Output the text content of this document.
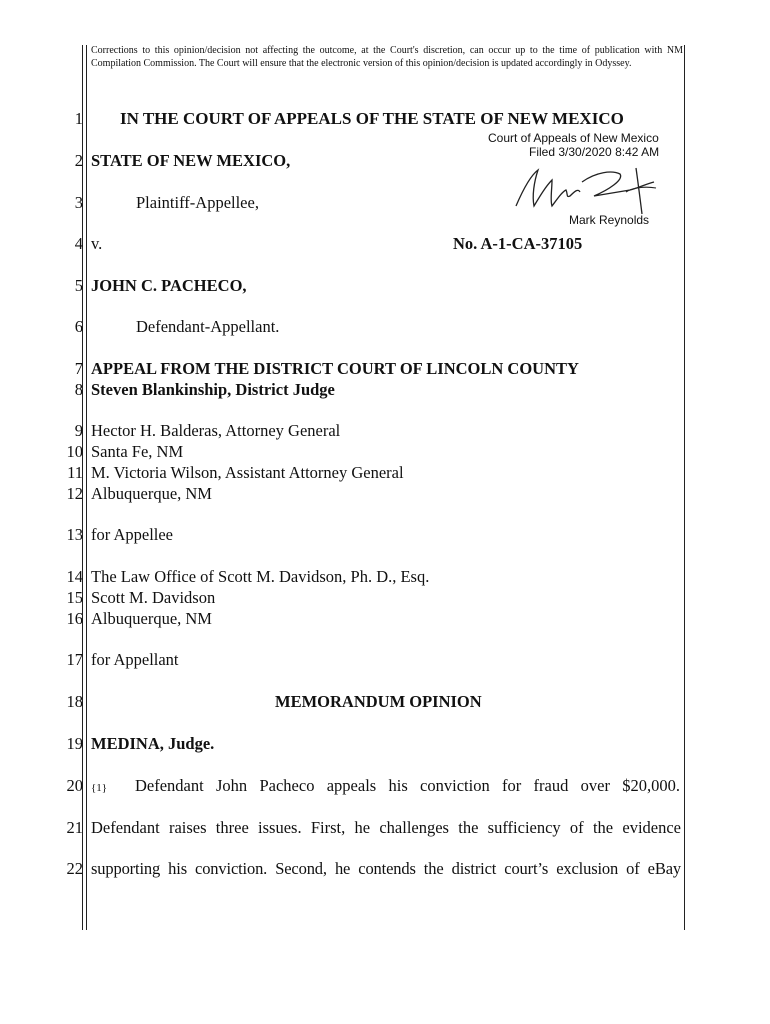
Corrections to this opinion/decision not affecting the outcome, at the Court's discretion, can occur up to the time of publication with NM Compilation Commission. The Court will ensure that the electronic version of this opinion/decision is updated accordingly in Odyssey.
Court of Appeals of New Mexico
Filed 3/30/2020 8:42 AM
Mark Reynolds
1 IN THE COURT OF APPEALS OF THE STATE OF NEW MEXICO
2 STATE OF NEW MEXICO,
3	Plaintiff-Appellee,
4 v.	No. A-1-CA-37105
5 JOHN C. PACHECO,
6	Defendant-Appellant.
7 APPEAL FROM THE DISTRICT COURT OF LINCOLN COUNTY
8 Steven Blankinship, District Judge
9 Hector H. Balderas, Attorney General
10 Santa Fe, NM
11 M. Victoria Wilson, Assistant Attorney General
12 Albuquerque, NM
13 for Appellee
14 The Law Office of Scott M. Davidson, Ph. D., Esq.
15 Scott M. Davidson
16 Albuquerque, NM
17 for Appellant
18	MEMORANDUM OPINION
19 MEDINA, Judge.
20 {1} Defendant John Pacheco appeals his conviction for fraud over $20,000.
21 Defendant raises three issues. First, he challenges the sufficiency of the evidence
22 supporting his conviction. Second, he contends the district court’s exclusion of eBay
